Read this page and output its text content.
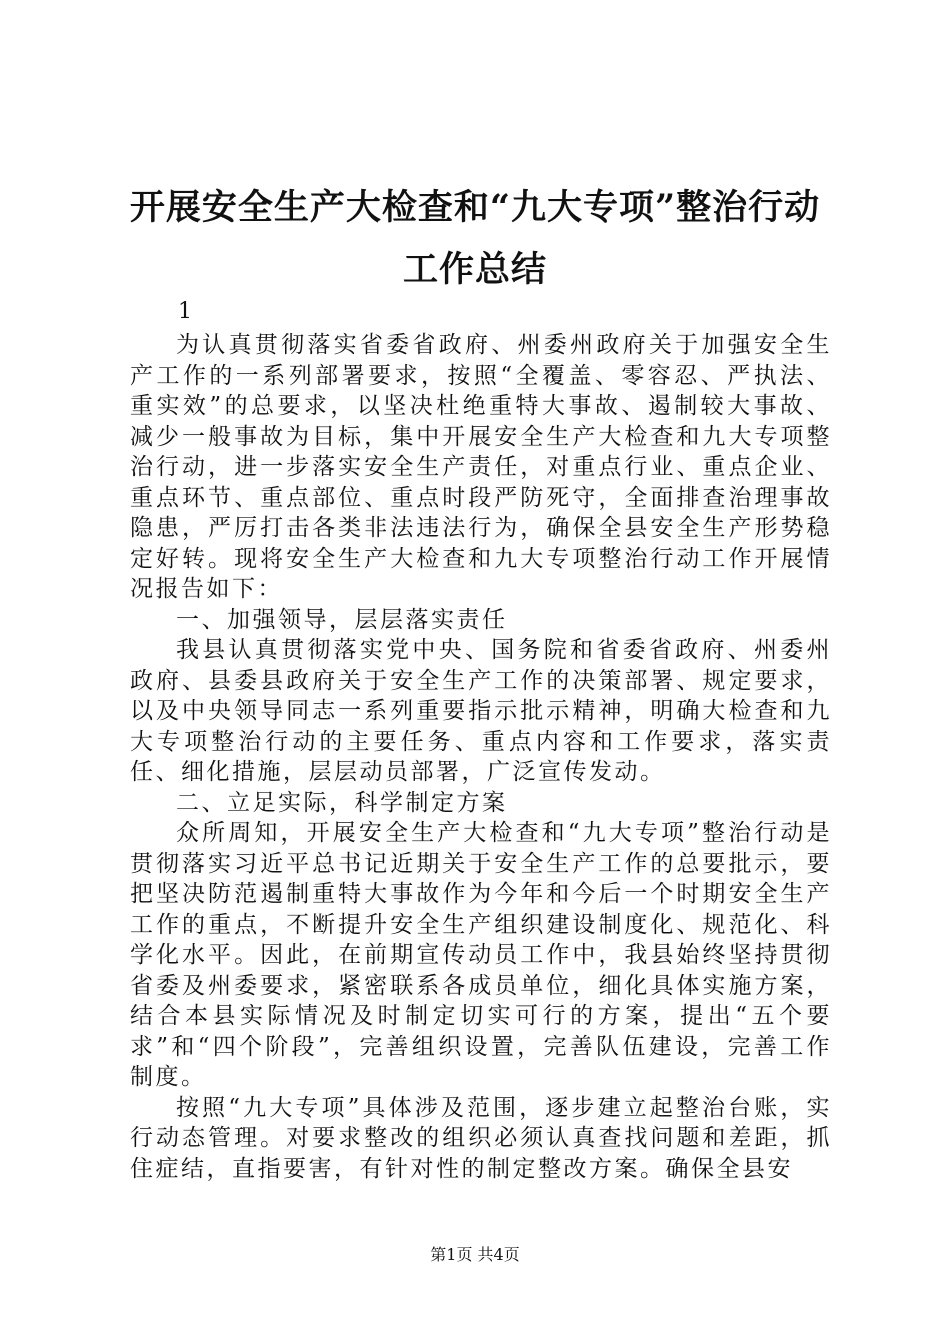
开展安全生产大检查和“九大专项”整治行动
工作总结
1

为认真贯彻落实省委省政府、州委州政府关于加强安全生产工作的一系列部署要求，按照“全覆盖、零容忍、严执法、重实效”的总要求，以坚决杜绝重特大事故、遏制较大事故、减少一般事故为目标，集中开展安全生产大检查和九大专项整治行动，进一步落实安全生产责任，对重点行业、重点企业、重点环节、重点部位、重点时段严防死守，全面排查治理事故隐患，严厉打击各类非法违法行为，确保全县安全生产形势稳定好转。现将安全生产大检查和九大专项整治行动工作开展情况报告如下：

一、加强领导，层层落实责任

我县认真贯彻落实党中央、国务院和省委省政府、州委州政府、县委县政府关于安全生产工作的决策部署、规定要求，以及中央领导同志一系列重要指示批示精神，明确大检查和九大专项整治行动的主要任务、重点内容和工作要求，落实责任、细化措施，层层动员部署，广泛宣传发动。

二、立足实际，科学制定方案

众所周知，开展安全生产大检查和“九大专项”整治行动是贯彻落实习近平总书记近期关于安全生产工作的总要批示，要把坚决防范遏制重特大事故作为今年和今后一个时期安全生产工作的重点，不断提升安全生产组织建设制度化、规范化、科学化水平。因此，在前期宣传动员工作中，我县始终坚持贯彻省委及州委要求，紧密联系各成员单位，细化具体实施方案，结合本县实际情况及时制定切实可行的方案，提出“五个要求”和“四个阶段”，完善组织设置，完善队伍建设，完善工作制度。

按照“九大专项”具体涉及范围，逐步建立起整治台账，实行动态管理。对要求整改的组织必须认真查找问题和差距，抓住症结，直指要害，有针对性的制定整改方案。确保全县安

第1页 共4页
